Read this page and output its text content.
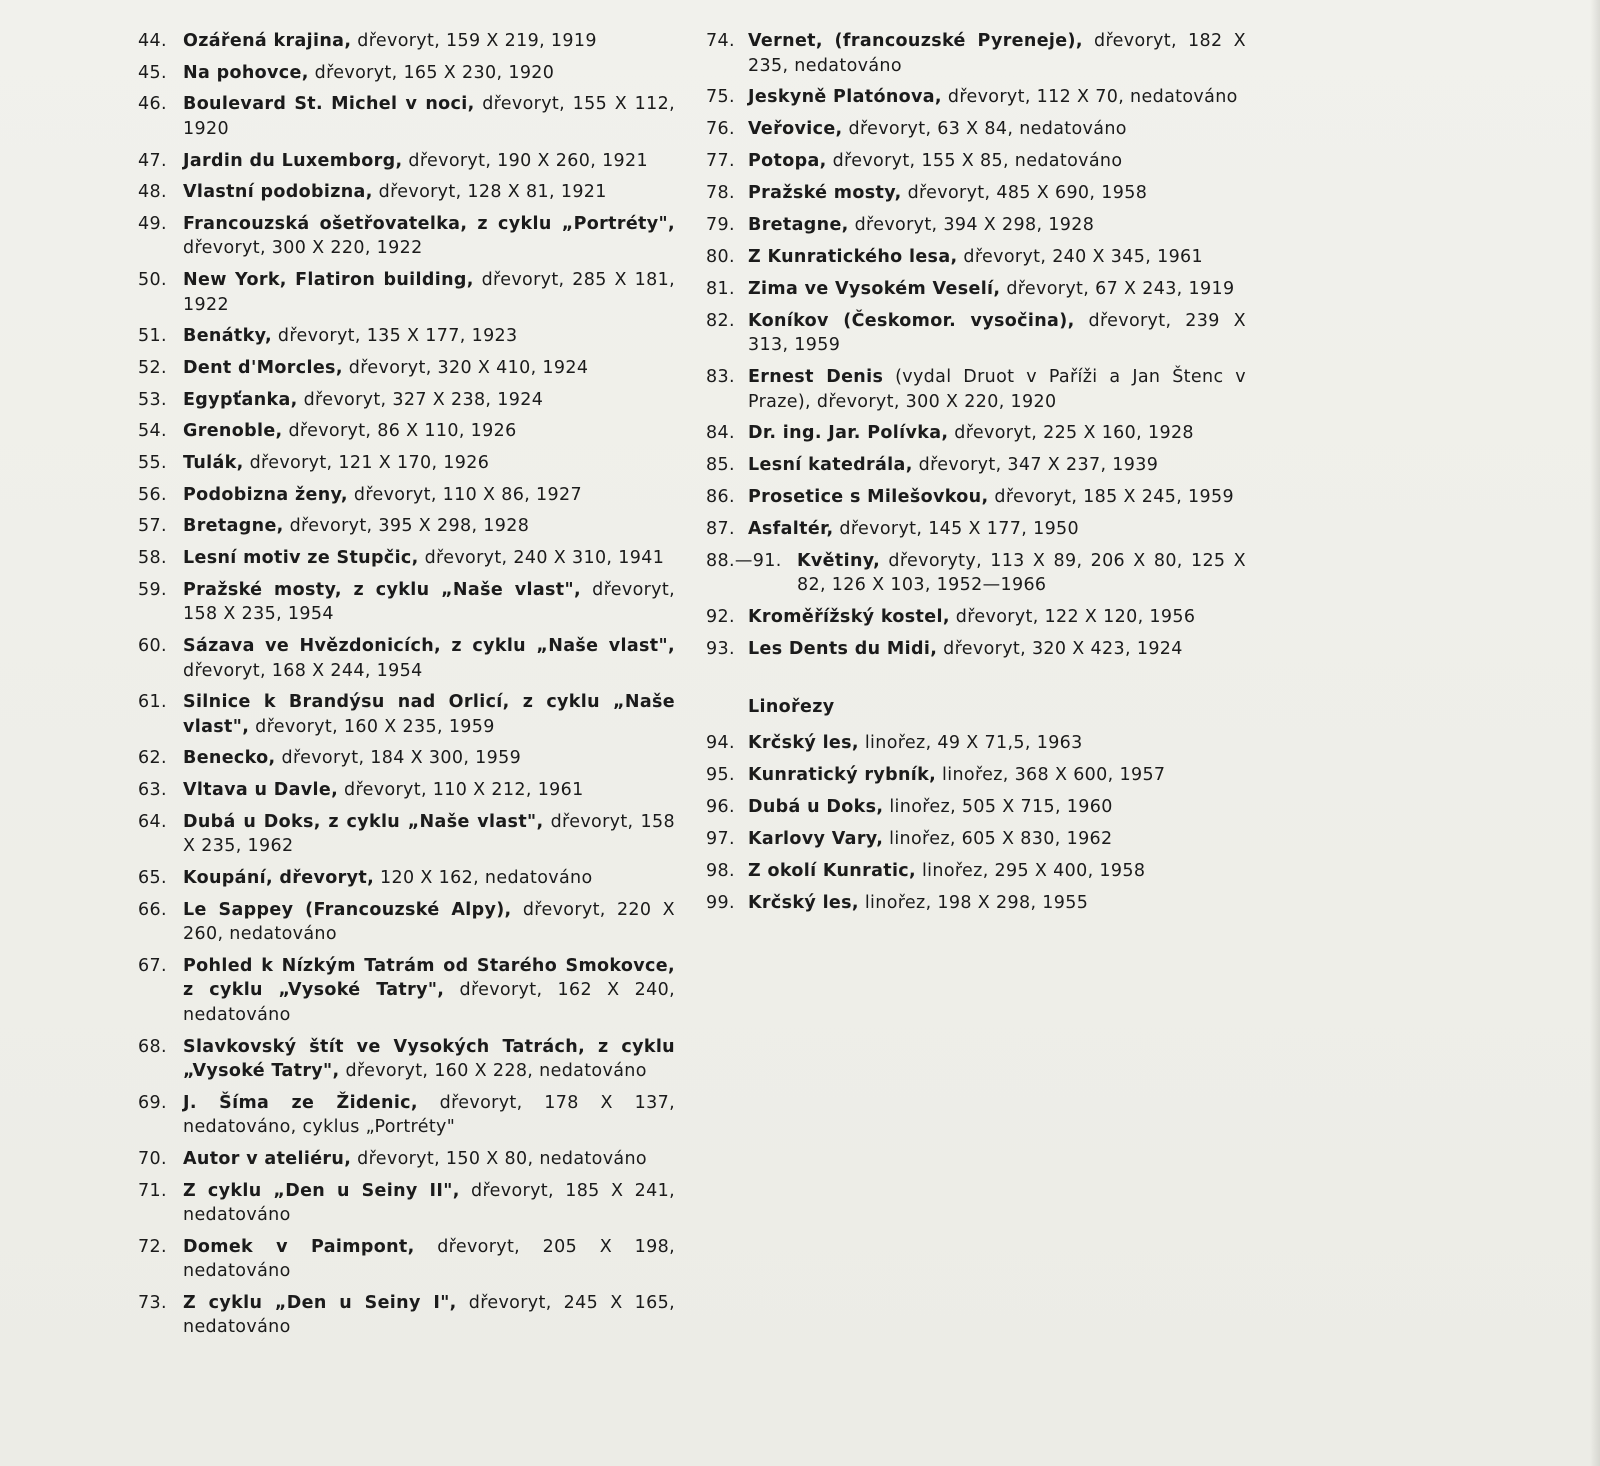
44. Ozářená krajina, dřevoryt, 159 X 219, 1919
45. Na pohovce, dřevoryt, 165 X 230, 1920
46. Boulevard St. Michel v noci, dřevoryt, 155 X 112, 1920
47. Jardin du Luxemborg, dřevoryt, 190 X 260, 1921
48. Vlastní podobizna, dřevoryt, 128 X 81, 1921
49. Francouzská ošetřovatelka, z cyklu „Portréty", dřevoryt, 300 X 220, 1922
50. New York, Flatiron building, dřevoryt, 285 X 181, 1922
51. Benátky, dřevoryt, 135 X 177, 1923
52. Dent d'Morcles, dřevoryt, 320 X 410, 1924
53. Egypťanka, dřevoryt, 327 X 238, 1924
54. Grenoble, dřevoryt, 86 X 110, 1926
55. Tulák, dřevoryt, 121 X 170, 1926
56. Podobizna ženy, dřevoryt, 110 X 86, 1927
57. Bretagne, dřevoryt, 395 X 298, 1928
58. Lesní motiv ze Stupčic, dřevoryt, 240 X 310, 1941
59. Pražské mosty, z cyklu „Naše vlast", dřevoryt, 158 X 235, 1954
60. Sázava ve Hvězdonicích, z cyklu „Naše vlast", dřevoryt, 168 X 244, 1954
61. Silnice k Brandýsu nad Orlicí, z cyklu „Naše vlast", dřevoryt, 160 X 235, 1959
62. Benecko, dřevoryt, 184 X 300, 1959
63. Vltava u Davle, dřevoryt, 110 X 212, 1961
64. Dubá u Doks, z cyklu „Naše vlast", dřevoryt, 158 X 235, 1962
65. Koupání, dřevoryt, 120 X 162, nedatováno
66. Le Sappey (Francouzské Alpy), dřevoryt, 220 X 260, nedatováno
67. Pohled k Nízkým Tatrám od Starého Smokovce, z cyklu „Vysoké Tatry", dřevoryt, 162 X 240, nedatováno
68. Slavkovský štít ve Vysokých Tatrách, z cyklu „Vysoké Tatry", dřevoryt, 160 X 228, nedatováno
69. J. Šíma ze Židenic, dřevoryt, 178 X 137, nedatováno, cyklus „Portréty"
70. Autor v ateliéru, dřevoryt, 150 X 80, nedatováno
71. Z cyklu „Den u Seiny II", dřevoryt, 185 X 241, nedatováno
72. Domek v Paimpont, dřevoryt, 205 X 198, nedatováno
73. Z cyklu „Den u Seiny I", dřevoryt, 245 X 165, nedatováno
74. Vernet, (francouzské Pyreneje), dřevoryt, 182 X 235, nedatováno
75. Jeskyně Platónova, dřevoryt, 112 X 70, nedatováno
76. Veřovice, dřevoryt, 63 X 84, nedatováno
77. Potopa, dřevoryt, 155 X 85, nedatováno
78. Pražské mosty, dřevoryt, 485 X 690, 1958
79. Bretagne, dřevoryt, 394 X 298, 1928
80. Z Kunratického lesa, dřevoryt, 240 X 345, 1961
81. Zima ve Vysokém Veselí, dřevoryt, 67 X 243, 1919
82. Koníkov (Českomor. vysočina), dřevoryt, 239 X 313, 1959
83. Ernest Denis (vydal Druot v Paříži a Jan Štenc v Praze), dřevoryt, 300 X 220, 1920
84. Dr. ing. Jar. Polívka, dřevoryt, 225 X 160, 1928
85. Lesní katedrála, dřevoryt, 347 X 237, 1939
86. Prosetice s Milešovkou, dřevoryt, 185 X 245, 1959
87. Asfaltér, dřevoryt, 145 X 177, 1950
88.—91. Květiny, dřevoryty, 113 X 89, 206 X 80, 125 X 82, 126 X 103, 1952—1966
92. Kroměřížský kostel, dřevoryt, 122 X 120, 1956
93. Les Dents du Midi, dřevoryt, 320 X 423, 1924
Linořezy
94. Krčský les, linořez, 49 X 71,5, 1963
95. Kunratický rybník, linořez, 368 X 600, 1957
96. Dubá u Doks, linořez, 505 X 715, 1960
97. Karlovy Vary, linořez, 605 X 830, 1962
98. Z okolí Kunratic, linořez, 295 X 400, 1958
99. Krčský les, linořez, 198 X 298, 1955
